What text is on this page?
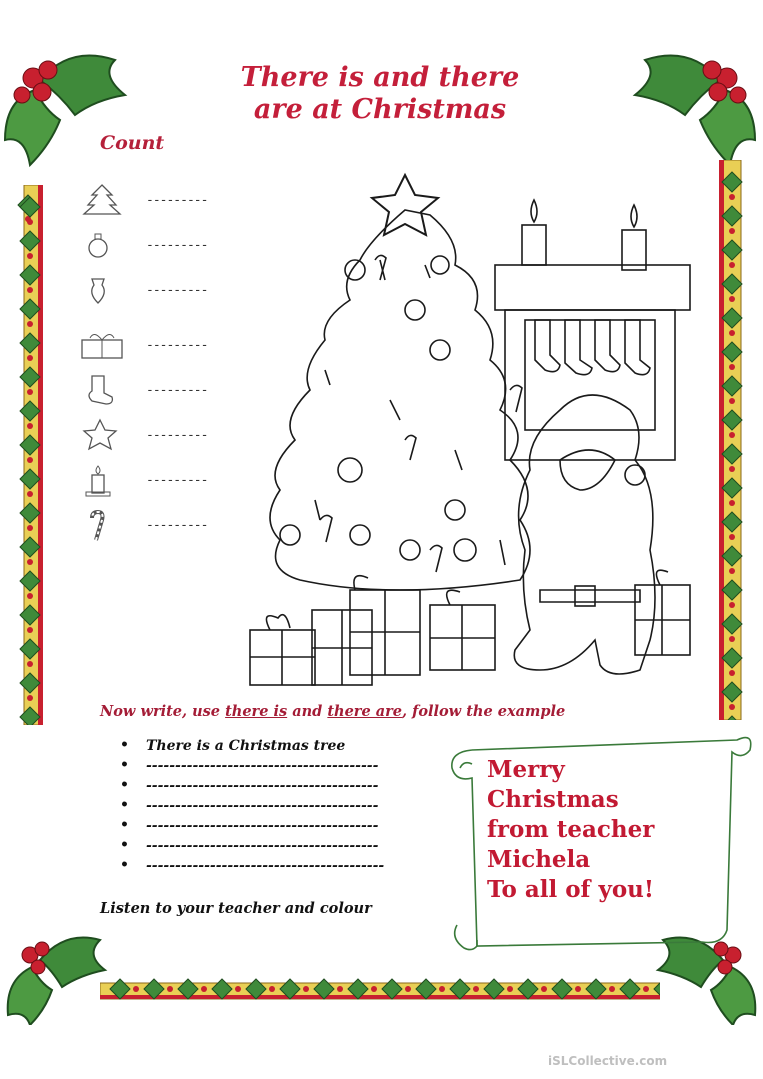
There is and there
are at Christmas
Count
---------
---------
---------
---------
---------
---------
---------
---------
Now write, use there is and there are, follow the example
• There is a Christmas tree
• ----------------------------------------
• ----------------------------------------
• ----------------------------------------
• ----------------------------------------
• ----------------------------------------
• -----------------------------------------
Listen to your teacher and colour
Merry
Christmas
from teacher
Michela
To all of you!
iSLCollective.com
